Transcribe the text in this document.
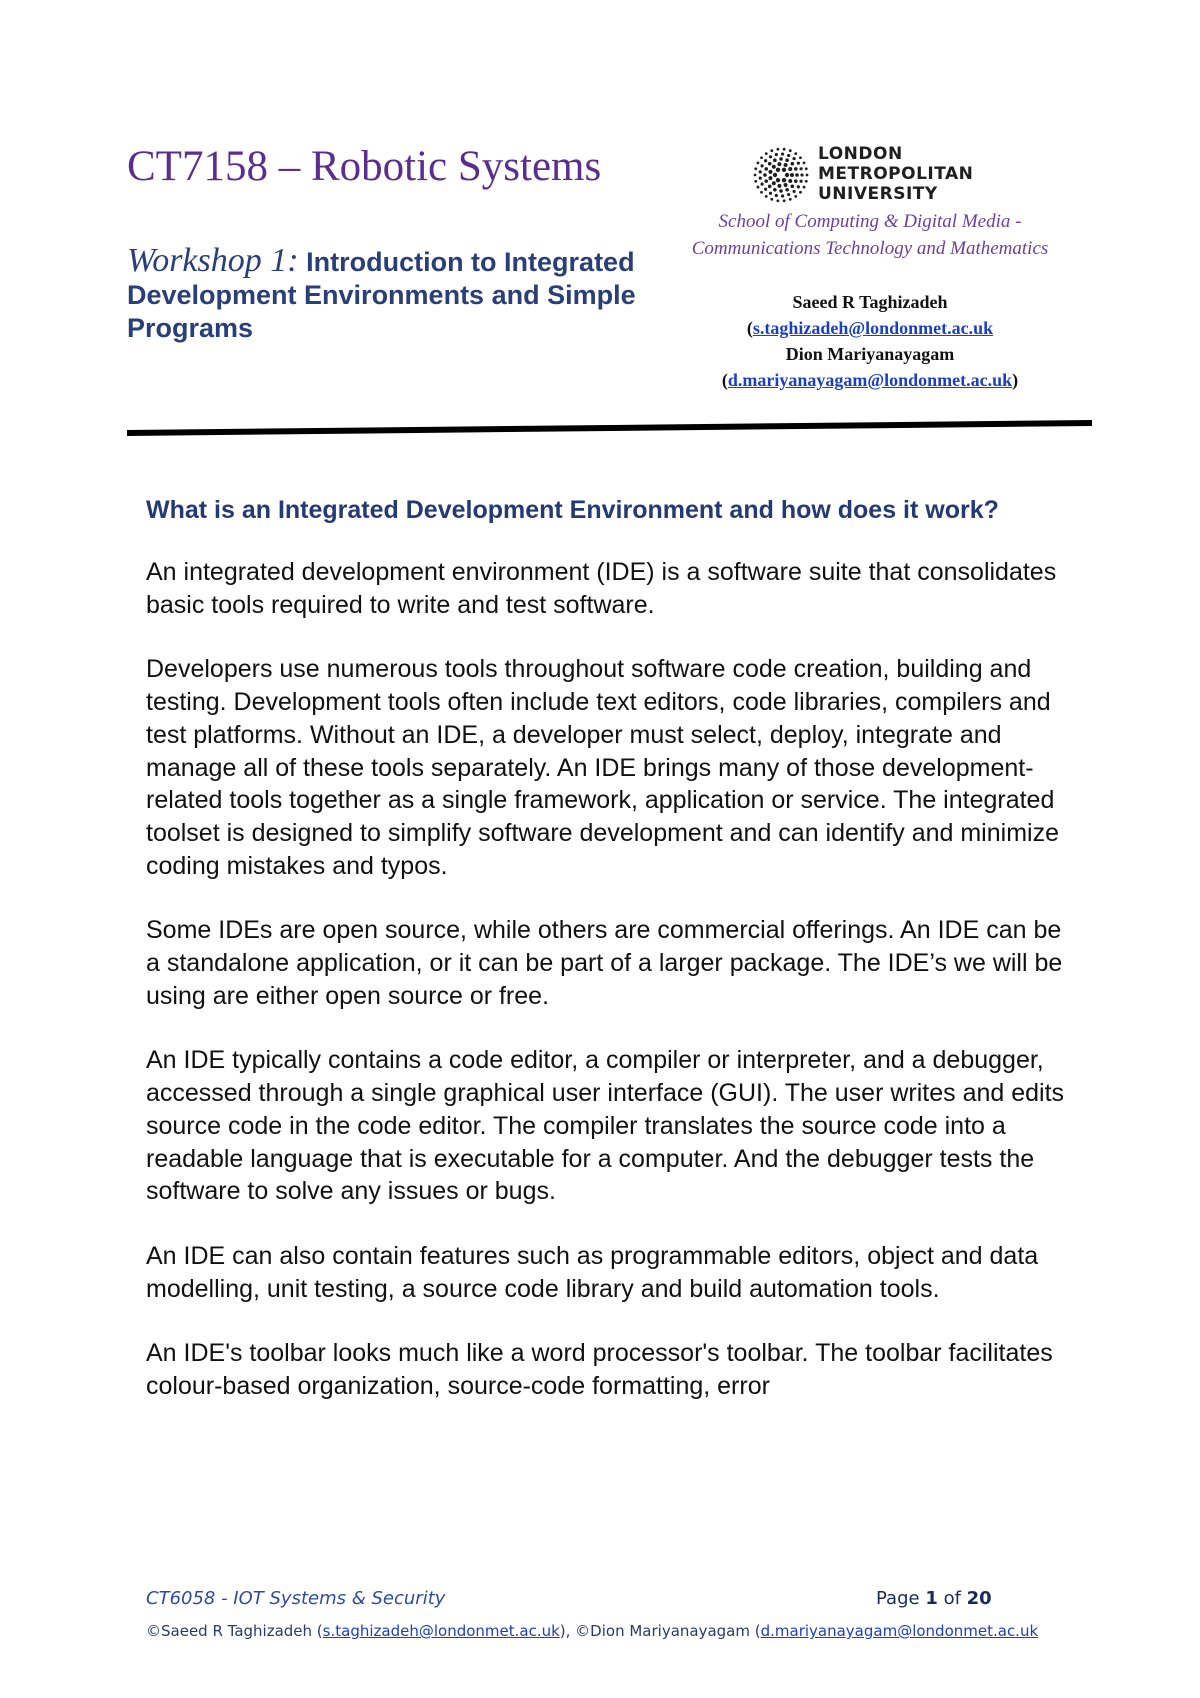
CT7158 – Robotic Systems

Workshop 1: Introduction to Integrated Development Environments and Simple Programs

LONDON
METROPOLITAN
UNIVERSITY

School of Computing & Digital Media -
Communications Technology and Mathematics

Saeed R Taghizadeh
(s.taghizadeh@londonmet.ac.uk
Dion Mariyanayagam
(d.mariyanayagam@londonmet.ac.uk)

What is an Integrated Development Environment and how does it work?

An integrated development environment (IDE) is a software suite that consolidates basic tools required to write and test software.

Developers use numerous tools throughout software code creation, building and testing. Development tools often include text editors, code libraries, compilers and test platforms. Without an IDE, a developer must select, deploy, integrate and manage all of these tools separately. An IDE brings many of those development-related tools together as a single framework, application or service. The integrated toolset is designed to simplify software development and can identify and minimize coding mistakes and typos.

Some IDEs are open source, while others are commercial offerings. An IDE can be a standalone application, or it can be part of a larger package. The IDE’s we will be using are either open source or free.

An IDE typically contains a code editor, a compiler or interpreter, and a debugger, accessed through a single graphical user interface (GUI). The user writes and edits source code in the code editor. The compiler translates the source code into a readable language that is executable for a computer. And the debugger tests the software to solve any issues or bugs.

An IDE can also contain features such as programmable editors, object and data modelling, unit testing, a source code library and build automation tools.

An IDE's toolbar looks much like a word processor's toolbar. The toolbar facilitates colour-based organization, source-code formatting, error

CT6058 - IOT Systems & Security	Page 1 of 20
©Saeed R Taghizadeh (s.taghizadeh@londonmet.ac.uk), ©Dion Mariyanayagam (d.mariyanayagam@londonmet.ac.uk
